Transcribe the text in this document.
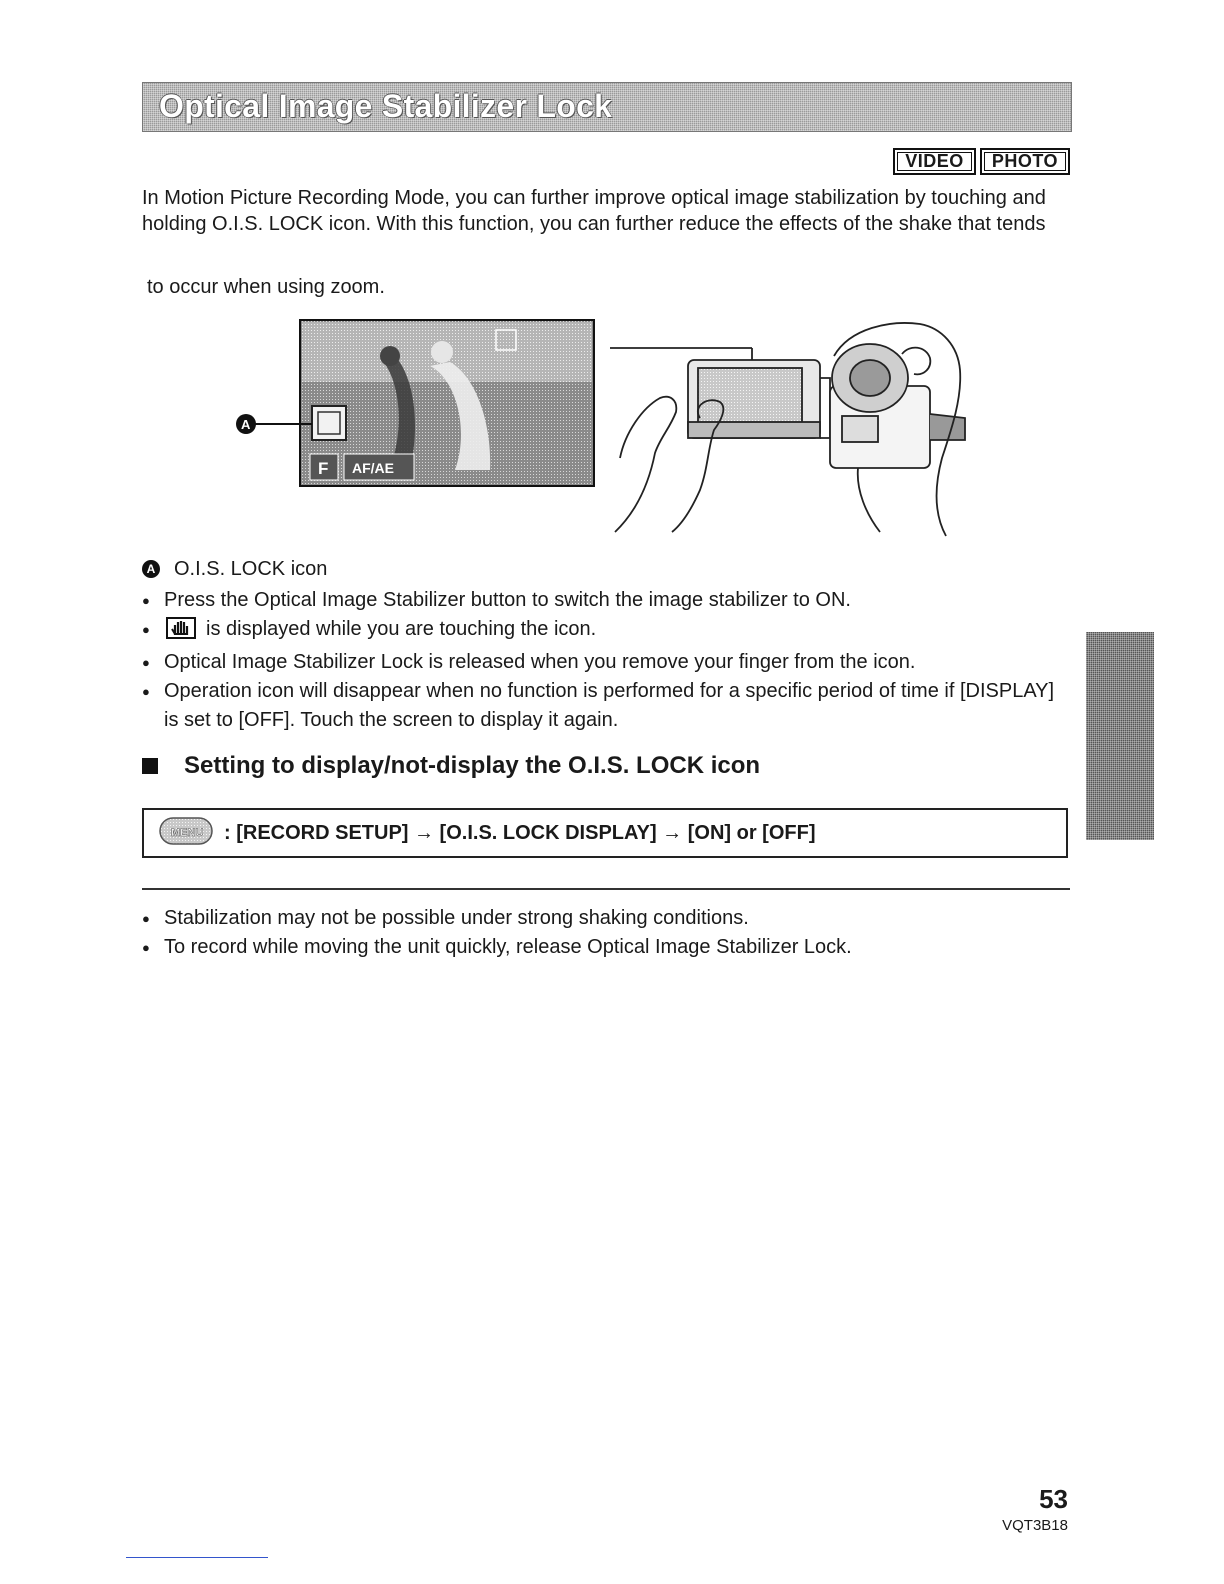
Optical Image Stabilizer Lock
VIDEO	PHOTO

In Motion Picture Recording Mode, you can further improve optical image stabilization by touching and holding O.I.S. LOCK icon. With this function, you can further reduce the effects of the shake that tends

to occur when using zoom.

F AF/AE
A
A O.I.S. LOCK icon
● Press the Optical Image Stabilizer button to switch the image stabilizer to ON.
● is displayed while you are touching the icon.
● Optical Image Stabilizer Lock is released when you remove your finger from the icon.
● Operation icon will disappear when no function is performed for a specific period of time if [DISPLAY] is set to [OFF]. Touch the screen to display it again.
Setting to display/not-display the O.I.S. LOCK icon
MENU : [RECORD SETUP] → [O.I.S. LOCK DISPLAY] → [ON] or [OFF]
● Stabilization may not be possible under strong shaking conditions.
● To record while moving the unit quickly, release Optical Image Stabilizer Lock.
53
VQT3B18
